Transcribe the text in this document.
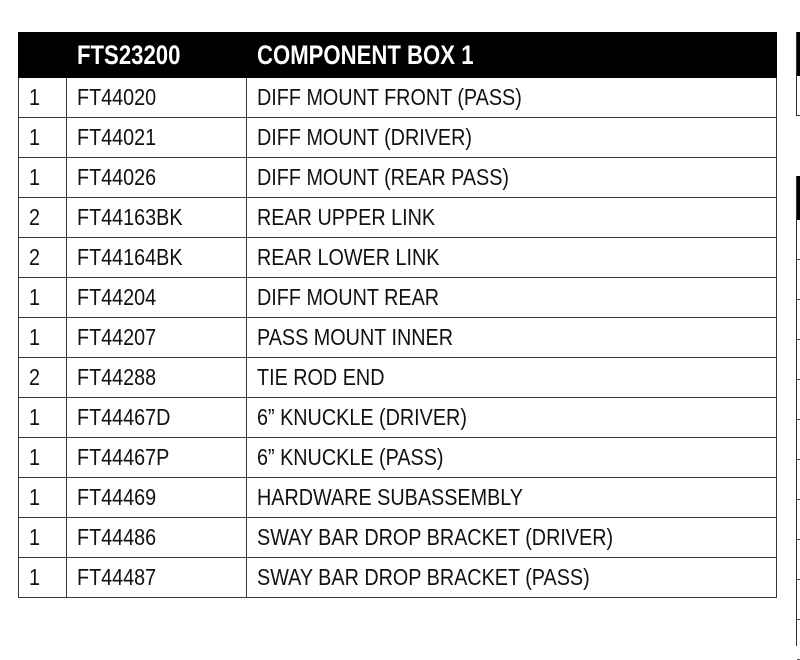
	FTS23200	COMPONENT BOX 1
1	FT44020	DIFF MOUNT FRONT (PASS)
1	FT44021	DIFF MOUNT (DRIVER)
1	FT44026	DIFF MOUNT (REAR PASS)
2	FT44163BK	REAR UPPER LINK
2	FT44164BK	REAR LOWER LINK
1	FT44204	DIFF MOUNT REAR
1	FT44207	PASS MOUNT INNER
2	FT44288	TIE ROD END
1	FT44467D	6” KNUCKLE (DRIVER)
1	FT44467P	6” KNUCKLE (PASS)
1	FT44469	HARDWARE SUBASSEMBLY
1	FT44486	SWAY BAR DROP BRACKET (DRIVER)
1	FT44487	SWAY BAR DROP BRACKET (PASS)
